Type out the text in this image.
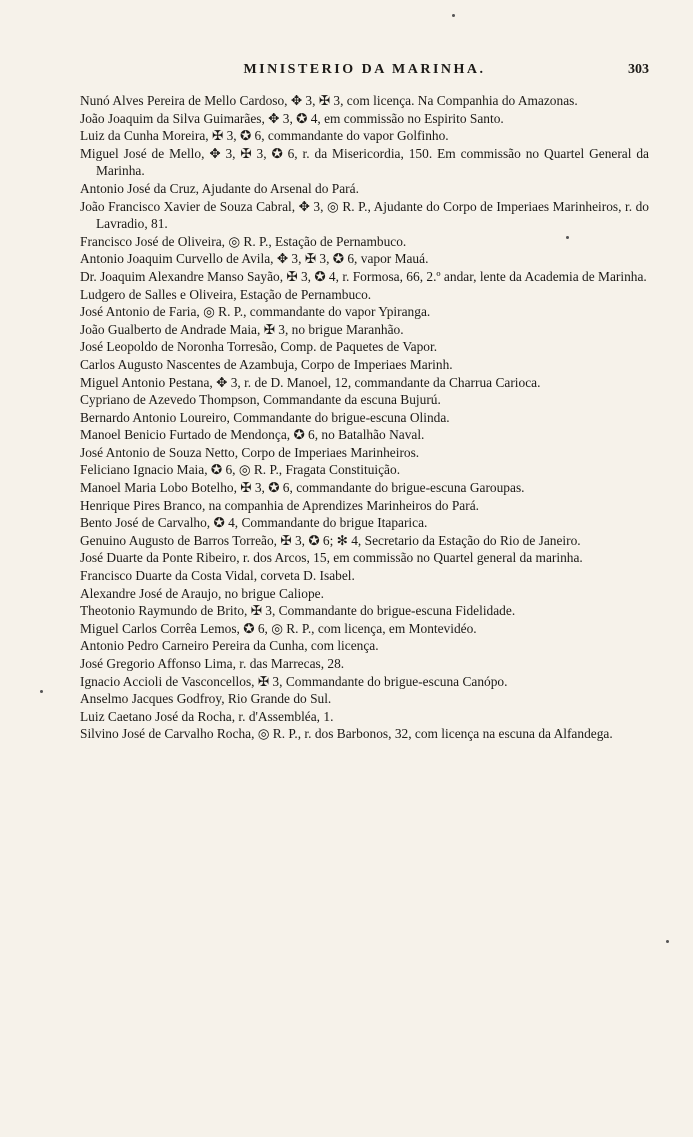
MINISTERIO DA MARINHA.	303

Nunó Alves Pereira de Mello Cardoso, ✥ 3, ✠ 3, com licença. Na Companhia do Amazonas.

João Joaquim da Silva Guimarães, ✥ 3, ✪ 4, em commissão no Espirito Santo.

Luiz da Cunha Moreira, ✠ 3, ✪ 6, commandante do vapor Golfinho.

Miguel José de Mello, ✥ 3, ✠ 3, ✪ 6, r. da Misericordia, 150. Em commissão no Quartel General da Marinha.

Antonio José da Cruz, Ajudante do Arsenal do Pará.

João Francisco Xavier de Souza Cabral, ✥ 3, ◎ R. P., Ajudante do Corpo de Imperiaes Marinheiros, r. do Lavradio, 81.

Francisco José de Oliveira, ◎ R. P., Estação de Pernambuco.

Antonio Joaquim Curvello de Avila, ✥ 3, ✠ 3, ✪ 6, vapor Mauá.

Dr. Joaquim Alexandre Manso Sayão, ✠ 3, ✪ 4, r. Formosa, 66, 2.º andar, lente da Academia de Marinha.

Ludgero de Salles e Oliveira, Estação de Pernambuco.

José Antonio de Faria, ◎ R. P., commandante do vapor Ypiranga.

João Gualberto de Andrade Maia, ✠ 3, no brigue Maranhão.

José Leopoldo de Noronha Torresão, Comp. de Paquetes de Vapor.

Carlos Augusto Nascentes de Azambuja, Corpo de Imperiaes Marinh.

Miguel Antonio Pestana, ✥ 3, r. de D. Manoel, 12, commandante da Charrua Carioca.

Cypriano de Azevedo Thompson, Commandante da escuna Bujurú.

Bernardo Antonio Loureiro, Commandante do brigue-escuna Olinda.

Manoel Benicio Furtado de Mendonça, ✪ 6, no Batalhão Naval.

José Antonio de Souza Netto, Corpo de Imperiaes Marinheiros.

Feliciano Ignacio Maia, ✪ 6, ◎ R. P., Fragata Constituição.

Manoel Maria Lobo Botelho, ✠ 3, ✪ 6, commandante do brigue-escuna Garoupas.

Henrique Pires Branco, na companhia de Aprendizes Marinheiros do Pará.

Bento José de Carvalho, ✪ 4, Commandante do brigue Itaparica.

Genuino Augusto de Barros Torreão, ✠ 3, ✪ 6; ✻ 4, Secretario da Estação do Rio de Janeiro.

José Duarte da Ponte Ribeiro, r. dos Arcos, 15, em commissão no Quartel general da marinha.

Francisco Duarte da Costa Vidal, corveta D. Isabel.

Alexandre José de Araujo, no brigue Caliope.

Theotonio Raymundo de Brito, ✠ 3, Commandante do brigue-escuna Fidelidade.

Miguel Carlos Corrêa Lemos, ✪ 6, ◎ R. P., com licença, em Montevidéo.

Antonio Pedro Carneiro Pereira da Cunha, com licença.

José Gregorio Affonso Lima, r. das Marrecas, 28.

Ignacio Accioli de Vasconcellos, ✠ 3, Commandante do brigue-escuna Canópo.

Anselmo Jacques Godfroy, Rio Grande do Sul.

Luiz Caetano José da Rocha, r. d'Assembléa, 1.

Silvino José de Carvalho Rocha, ◎ R. P., r. dos Barbonos, 32, com licença na escuna da Alfandega.
